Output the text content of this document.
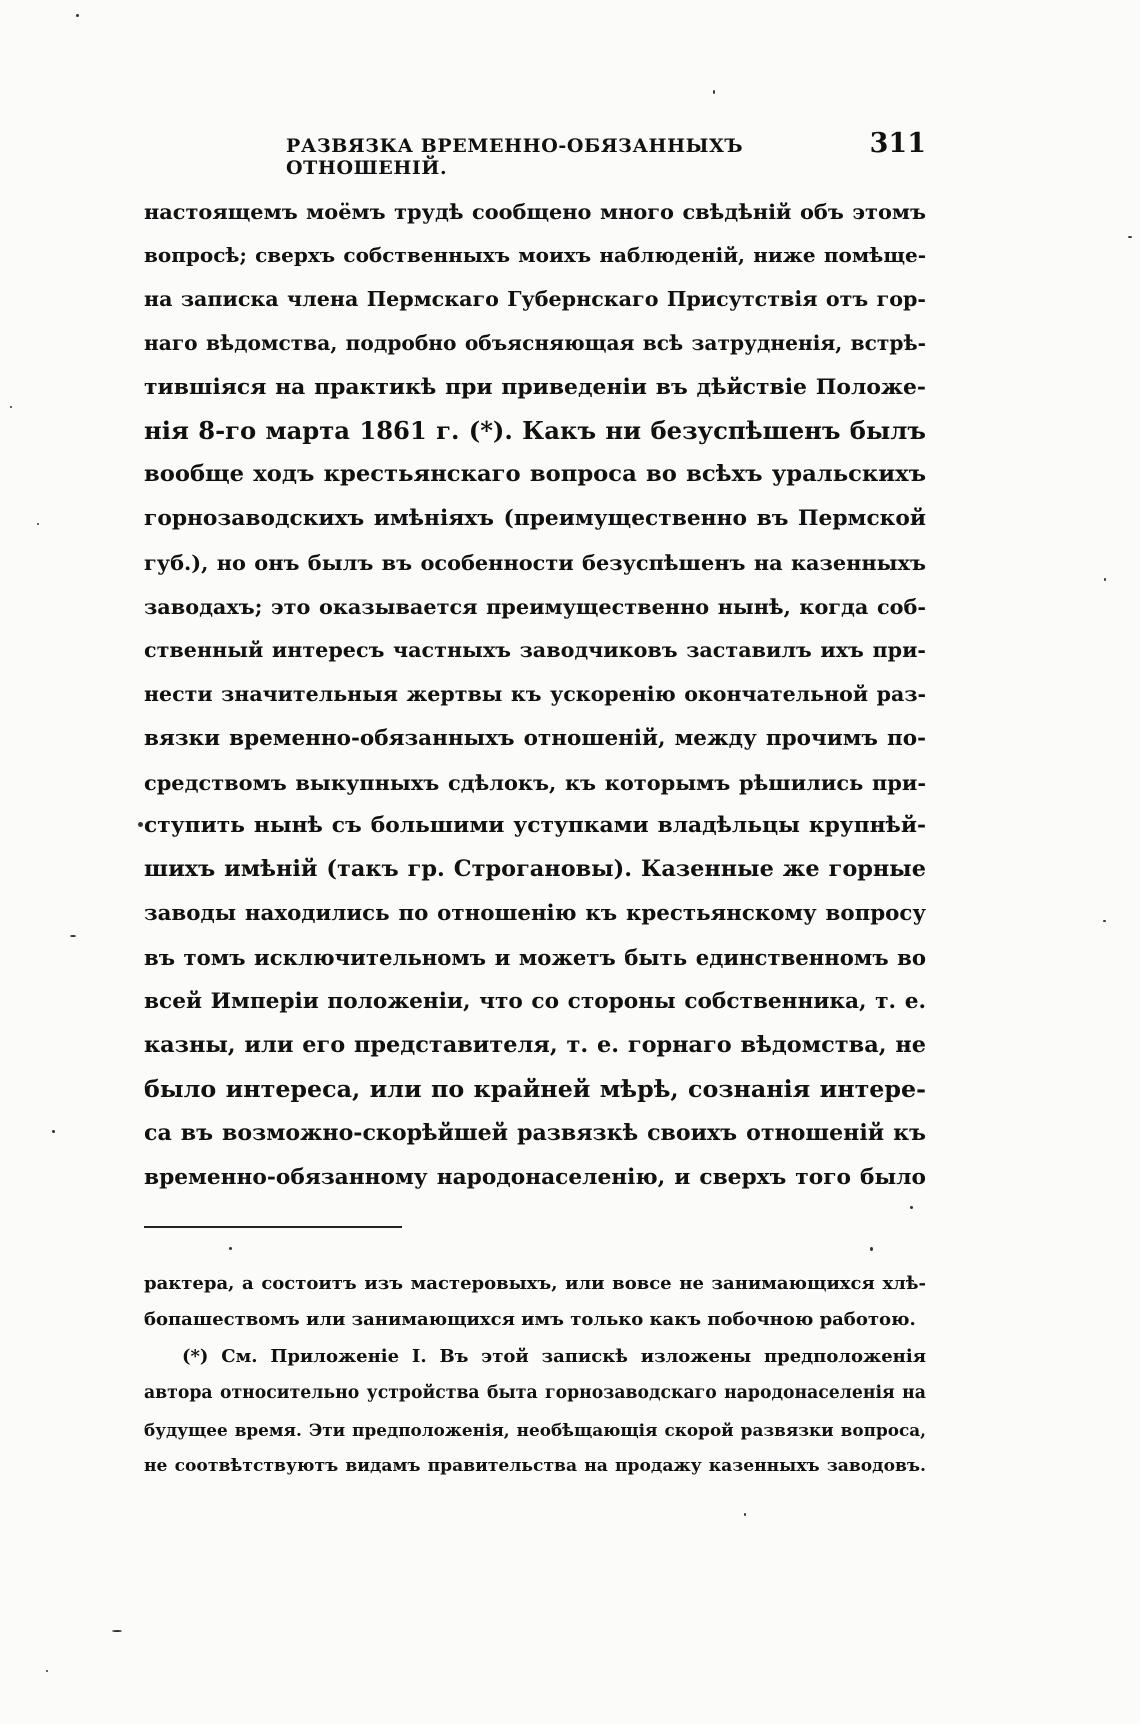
РАЗВЯЗКА ВРЕМЕННО-ОБЯЗАННЫХЪ ОТНОШЕНІЙ.
311
настоящемъ моёмъ трудѣ сообщено много свѣдѣній объ этомъ
вопросѣ; сверхъ собственныхъ моихъ наблюденій, ниже помѣще-
на записка члена Пермскаго Губернскаго Присутствія отъ гор-
наго вѣдомства, подробно объясняющая всѣ затрудненія, встрѣ-
тившіяся на практикѣ при приведеніи въ дѣйствіе Положе-
нія 8-го марта 1861 г. (*). Какъ ни безуспѣшенъ былъ
вообще ходъ крестьянскаго вопроса во всѣхъ уральскихъ
горнозаводскихъ имѣніяхъ (преимущественно въ Пермской
губ.), но онъ былъ въ особенности безуспѣшенъ на казенныхъ
заводахъ; это оказывается преимущественно нынѣ, когда соб-
ственный интересъ частныхъ заводчиковъ заставилъ ихъ при-
нести значительныя жертвы къ ускоренію окончательной раз-
вязки временно-обязанныхъ отношеній, между прочимъ по-
средствомъ выкупныхъ сдѣлокъ, къ которымъ рѣшились при-
ступить нынѣ съ большими уступками владѣльцы крупнѣй-
шихъ имѣній (такъ гр. Строгановы). Казенные же горные
заводы находились по отношенію къ крестьянскому вопросу
въ томъ исключительномъ и можетъ быть единственномъ во
всей Имперіи положеніи, что со стороны собственника, т. е.
казны, или его представителя, т. е. горнаго вѣдомства, не
было интереса, или по крайней мѣрѣ, сознанія интере-
са въ возможно-скорѣйшей развязкѣ своихъ отношеній къ
временно-обязанному народонаселенію, и сверхъ того было
рактера, а состоитъ изъ мастеровыхъ, или вовсе не занимающихся хлѣ-
бопашествомъ или занимающихся имъ только какъ побочною работою.
(*) См. Приложеніе I. Въ этой запискѣ изложены предположенія
автора относительно устройства быта горнозаводскаго народонаселенія на
будущее время. Эти предположенія, необѣщающія скорой развязки вопроса,
не соотвѣтствуютъ видамъ правительства на продажу казенныхъ заводовъ.
